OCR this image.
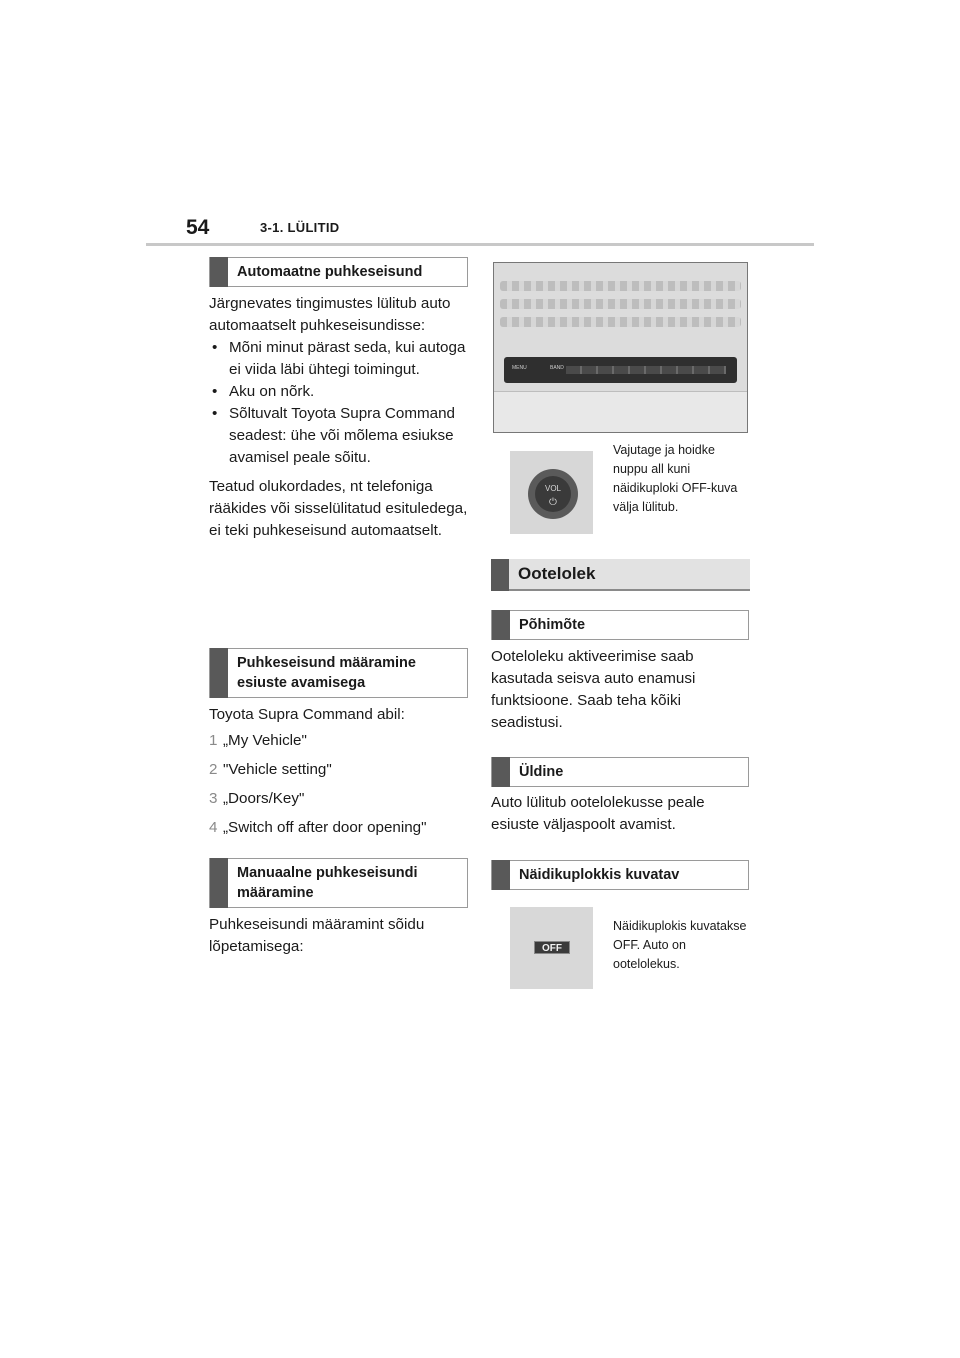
54	3-1. LÜLITID
Automaatne puhkeseisund

Järgnevates tingimustes lülitub auto automaatselt puhkeseisundisse:

• Mõni minut pärast seda, kui autoga ei viida läbi ühtegi toimingut.
• Aku on nõrk.
• Sõltuvalt Toyota Supra Command seadest: ühe või mõlema esiukse avamisel peale sõitu.

Teatud olukordades, nt telefoniga rääkides või sisselülitatud esituledega, ei teki puhkeseisund automaatselt.

Puhkeseisund määramine esiuste avamisega

Toyota Supra Command abil:

1 „My Vehicle"
2 "Vehicle setting"
3 „Doors/Key"
4 „Switch off after door opening"
Manuaalne puhkeseisundi määramine

Puhkeseisundi määramint sõidu lõpetamisega:

MENU	BAND
VOL
⏻
Vajutage ja hoidke nuppu all kuni näidikuploki OFF-kuva välja lülitub.
Ootelolek
Põhimõte
Ooteloleku aktiveerimise saab kasutada seisva auto enamusi funktsioone. Saab teha kõiki seadistusi.
Üldine
Auto lülitub ootelolekusse peale esiuste väljaspoolt avamist.
Näidikuplokkis kuvatav
OFF
Näidikuplokis kuvatakse OFF. Auto on ootelolekus.
